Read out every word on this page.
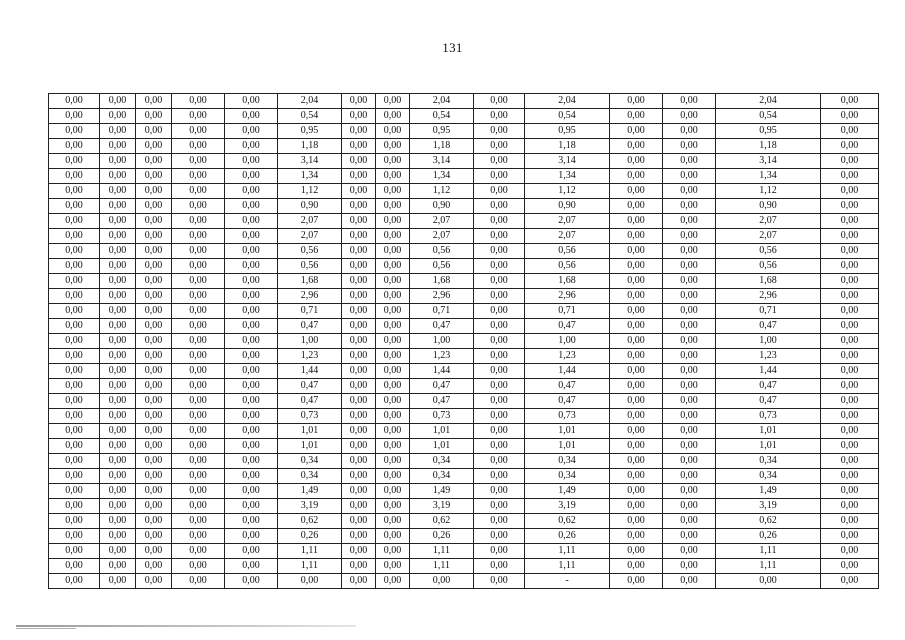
131
0,00	0,00	0,00	0,00	0,00	2,04	0,00	0,00	2,04	0,00	2,04	0,00	0,00	2,04	0,00
0,00	0,00	0,00	0,00	0,00	0,54	0,00	0,00	0,54	0,00	0,54	0,00	0,00	0,54	0,00
0,00	0,00	0,00	0,00	0,00	0,95	0,00	0,00	0,95	0,00	0,95	0,00	0,00	0,95	0,00
0,00	0,00	0,00	0,00	0,00	1,18	0,00	0,00	1,18	0,00	1,18	0,00	0,00	1,18	0,00
0,00	0,00	0,00	0,00	0,00	3,14	0,00	0,00	3,14	0,00	3,14	0,00	0,00	3,14	0,00
0,00	0,00	0,00	0,00	0,00	1,34	0,00	0,00	1,34	0,00	1,34	0,00	0,00	1,34	0,00
0,00	0,00	0,00	0,00	0,00	1,12	0,00	0,00	1,12	0,00	1,12	0,00	0,00	1,12	0,00
0,00	0,00	0,00	0,00	0,00	0,90	0,00	0,00	0,90	0,00	0,90	0,00	0,00	0,90	0,00
0,00	0,00	0,00	0,00	0,00	2,07	0,00	0,00	2,07	0,00	2,07	0,00	0,00	2,07	0,00
0,00	0,00	0,00	0,00	0,00	2,07	0,00	0,00	2,07	0,00	2,07	0,00	0,00	2,07	0,00
0,00	0,00	0,00	0,00	0,00	0,56	0,00	0,00	0,56	0,00	0,56	0,00	0,00	0,56	0,00
0,00	0,00	0,00	0,00	0,00	0,56	0,00	0,00	0,56	0,00	0,56	0,00	0,00	0,56	0,00
0,00	0,00	0,00	0,00	0,00	1,68	0,00	0,00	1,68	0,00	1,68	0,00	0,00	1,68	0,00
0,00	0,00	0,00	0,00	0,00	2,96	0,00	0,00	2,96	0,00	2,96	0,00	0,00	2,96	0,00
0,00	0,00	0,00	0,00	0,00	0,71	0,00	0,00	0,71	0,00	0,71	0,00	0,00	0,71	0,00
0,00	0,00	0,00	0,00	0,00	0,47	0,00	0,00	0,47	0,00	0,47	0,00	0,00	0,47	0,00
0,00	0,00	0,00	0,00	0,00	1,00	0,00	0,00	1,00	0,00	1,00	0,00	0,00	1,00	0,00
0,00	0,00	0,00	0,00	0,00	1,23	0,00	0,00	1,23	0,00	1,23	0,00	0,00	1,23	0,00
0,00	0,00	0,00	0,00	0,00	1,44	0,00	0,00	1,44	0,00	1,44	0,00	0,00	1,44	0,00
0,00	0,00	0,00	0,00	0,00	0,47	0,00	0,00	0,47	0,00	0,47	0,00	0,00	0,47	0,00
0,00	0,00	0,00	0,00	0,00	0,47	0,00	0,00	0,47	0,00	0,47	0,00	0,00	0,47	0,00
0,00	0,00	0,00	0,00	0,00	0,73	0,00	0,00	0,73	0,00	0,73	0,00	0,00	0,73	0,00
0,00	0,00	0,00	0,00	0,00	1,01	0,00	0,00	1,01	0,00	1,01	0,00	0,00	1,01	0,00
0,00	0,00	0,00	0,00	0,00	1,01	0,00	0,00	1,01	0,00	1,01	0,00	0,00	1,01	0,00
0,00	0,00	0,00	0,00	0,00	0,34	0,00	0,00	0,34	0,00	0,34	0,00	0,00	0,34	0,00
0,00	0,00	0,00	0,00	0,00	0,34	0,00	0,00	0,34	0,00	0,34	0,00	0,00	0,34	0,00
0,00	0,00	0,00	0,00	0,00	1,49	0,00	0,00	1,49	0,00	1,49	0,00	0,00	1,49	0,00
0,00	0,00	0,00	0,00	0,00	3,19	0,00	0,00	3,19	0,00	3,19	0,00	0,00	3,19	0,00
0,00	0,00	0,00	0,00	0,00	0,62	0,00	0,00	0,62	0,00	0,62	0,00	0,00	0,62	0,00
0,00	0,00	0,00	0,00	0,00	0,26	0,00	0,00	0,26	0,00	0,26	0,00	0,00	0,26	0,00
0,00	0,00	0,00	0,00	0,00	1,11	0,00	0,00	1,11	0,00	1,11	0,00	0,00	1,11	0,00
0,00	0,00	0,00	0,00	0,00	1,11	0,00	0,00	1,11	0,00	1,11	0,00	0,00	1,11	0,00
0,00	0,00	0,00	0,00	0,00	0,00	0,00	0,00	0,00	0,00	-	0,00	0,00	0,00	0,00
